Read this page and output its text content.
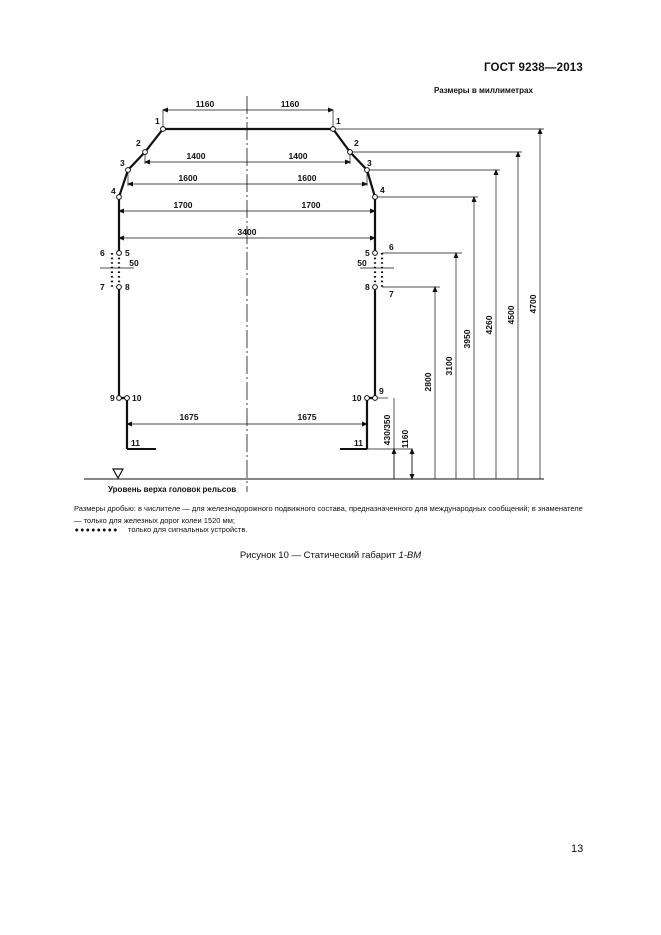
ГОСТ 9238—2013
Размеры в миллиметрах
1160	1160
1400	1400
1600	1600
1700	1700
3400
1675	1675
50	50
4700
4500
4260
3950
3100
2800
1160
430/350
1
2
3
4
6 5
7 8
9 10
11
1
2
3
4
5
6
8
7
10
9
11
Уровень верха головок рельсов
Размеры дробью: в числителе — для железнодорожного подвижного состава, предназначенного для международных сообщений; в знаменателе — только для железных дорог колеи 1520 мм;
только для сигнальных устройств.
Рисунок 10 — Статический габарит 1-ВМ
13
